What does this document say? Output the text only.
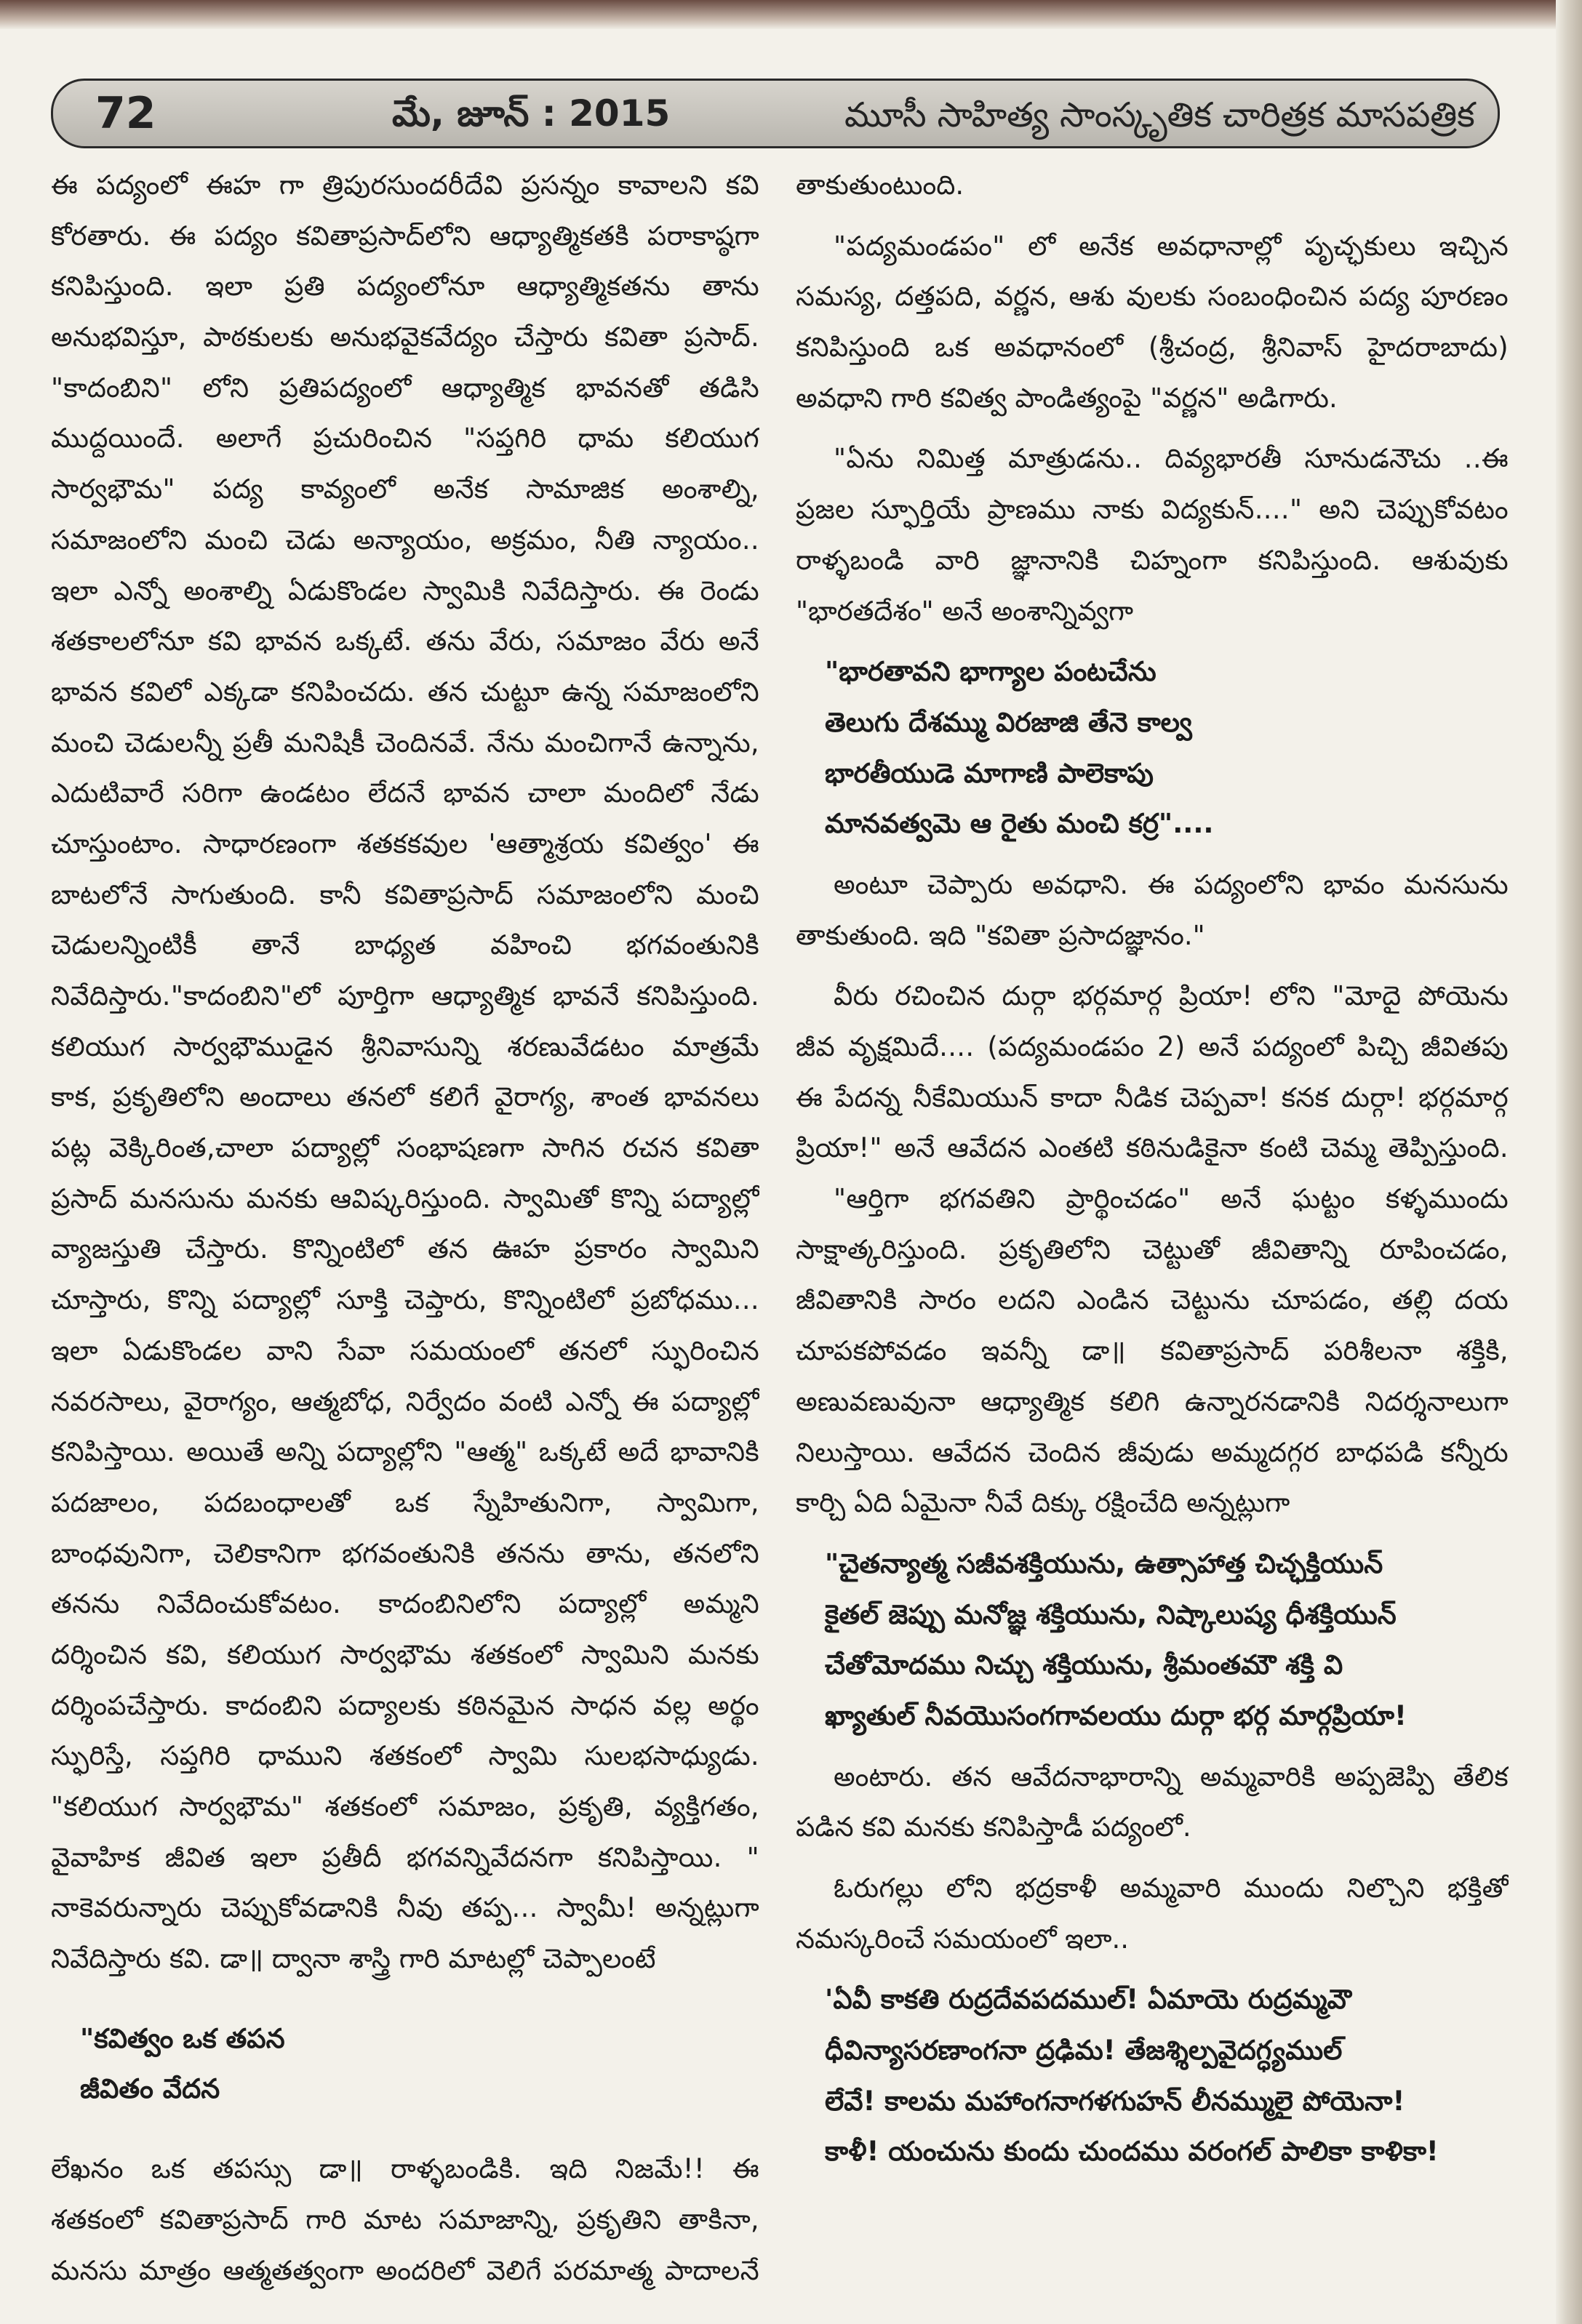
72	మే, జూన్ : 2015	మూసీ సాహిత్య సాంస్కృతిక చారిత్రక మాసపత్రిక
ఈ పద్యంలో ఈహ గా త్రిపురసుందరీదేవి ప్రసన్నం కావాలని కవి
కోరతారు. ఈ పద్యం కవితాప్రసాద్‌లోని ఆధ్యాత్మికతకి పరాకాష్ఠగా
కనిపిస్తుంది. ఇలా ప్రతి పద్యంలోనూ ఆధ్యాత్మికతను తాను
అనుభవిస్తూ, పాఠకులకు అనుభవైకవేద్యం చేస్తారు కవితా ప్రసాద్.
"కాదంబిని" లోని ప్రతిపద్యంలో ఆధ్యాత్మిక భావనతో తడిసి
ముద్దయిందే. అలాగే ప్రచురించిన "సప్తగిరి ధామ కలియుగ
సార్వభౌమ" పద్య కావ్యంలో అనేక సామాజిక అంశాల్ని,
సమాజంలోని మంచి చెడు అన్యాయం, అక్రమం, నీతి న్యాయం..
ఇలా ఎన్నో అంశాల్ని ఏడుకొండల స్వామికి నివేదిస్తారు. ఈ రెండు
శతకాలలోనూ కవి భావన ఒక్కటే. తను వేరు, సమాజం వేరు అనే
భావన కవిలో ఎక్కడా కనిపించదు. తన చుట్టూ ఉన్న సమాజంలోని
మంచి చెడులన్నీ ప్రతీ మనిషికీ చెందినవే. నేను మంచిగానే ఉన్నాను,
ఎదుటివారే సరిగా ఉండటం లేదనే భావన చాలా మందిలో నేడు
చూస్తుంటాం. సాధారణంగా శతకకవుల 'ఆత్మాశ్రయ కవిత్వం' ఈ
బాటలోనే సాగుతుంది. కానీ కవితాప్రసాద్ సమాజంలోని మంచి
చెడులన్నింటికీ తానే బాధ్యత వహించి భగవంతునికి
నివేదిస్తారు."కాదంబిని"లో పూర్తిగా ఆధ్యాత్మిక భావనే కనిపిస్తుంది.
కలియుగ సార్వభౌముడైన శ్రీనివాసున్ని శరణువేడటం మాత్రమే
కాక, ప్రకృతిలోని అందాలు తనలో కలిగే వైరాగ్య, శాంత భావనలు
పట్ల వెక్కిరింత,చాలా పద్యాల్లో సంభాషణగా సాగిన రచన కవితా
ప్రసాద్ మనసును మనకు ఆవిష్కరిస్తుంది. స్వామితో కొన్ని పద్యాల్లో
వ్యాజస్తుతి చేస్తారు. కొన్నింటిలో తన ఊహ ప్రకారం స్వామిని
చూస్తారు, కొన్ని పద్యాల్లో సూక్తి చెప్తారు, కొన్నింటిలో ప్రబోధము...
ఇలా ఏడుకొండల వాని సేవా సమయంలో తనలో స్ఫురించిన
నవరసాలు, వైరాగ్యం, ఆత్మబోధ, నిర్వేదం వంటి ఎన్నో ఈ పద్యాల్లో
కనిపిస్తాయి. అయితే అన్ని పద్యాల్లోని "ఆత్మ" ఒక్కటే అదే భావానికి
పదజాలం, పదబంధాలతో ఒక స్నేహితునిగా, స్వామిగా,
బాంధవునిగా, చెలికానిగా భగవంతునికి తనను తాను, తనలోని
తనను నివేదించుకోవటం. కాదంబినిలోని పద్యాల్లో అమ్మని
దర్శించిన కవి, కలియుగ సార్వభౌమ శతకంలో స్వామిని మనకు
దర్శింపచేస్తారు. కాదంబిని పద్యాలకు కఠినమైన సాధన వల్ల అర్థం
స్ఫురిస్తే, సప్తగిరి ధాముని శతకంలో స్వామి సులభసాధ్యుడు.
"కలియుగ సార్వభౌమ" శతకంలో సమాజం, ప్రకృతి, వ్యక్తిగతం,
వైవాహిక జీవిత ఇలా ప్రతీదీ భగవన్నివేదనగా కనిపిస్తాయి. "
నాకెవరున్నారు చెప్పుకోవడానికి నీవు తప్ప... స్వామీ! అన్నట్లుగా
నివేదిస్తారు కవి. డా॥ ద్వానా శాస్త్రి గారి మాటల్లో చెప్పాలంటే
"కవిత్వం ఒక తపన
జీవితం వేదన
లేఖనం ఒక తపస్సు డా॥ రాళ్ళబండికి. ఇది నిజమే!! ఈ
శతకంలో కవితాప్రసాద్ గారి మాట సమాజాన్ని, ప్రకృతిని తాకినా,
మనసు మాత్రం ఆత్మతత్వంగా అందరిలో వెలిగే పరమాత్మ పాదాలనే
తాకుతుంటుంది.
"పద్యమండపం" లో అనేక అవధానాల్లో పృచ్ఛకులు ఇచ్చిన
సమస్య, దత్తపది, వర్ణన, ఆశు వులకు సంబంధించిన పద్య పూరణం
కనిపిస్తుంది ఒక అవధానంలో (శ్రీచంద్ర, శ్రీనివాస్ హైదరాబాదు)
అవధాని గారి కవిత్వ పాండిత్యంపై "వర్ణన" అడిగారు.
"ఏను నిమిత్త మాత్రుడను.. దివ్యభారతీ సూనుడనౌచు ..ఈ
ప్రజల స్ఫూర్తియే ప్రాణము నాకు విద్యకున్...." అని చెప్పుకోవటం
రాళ్ళబండి వారి జ్ఞానానికి చిహ్నంగా కనిపిస్తుంది. ఆశువుకు
"భారతదేశం" అనే అంశాన్నివ్వగా
"భారతావని భాగ్యాల పంటచేను
తెలుగు దేశమ్ము విరజాజి తేనె కాల్వ
భారతీయుడె మాగాణి పాలెకాపు
మానవత్వమె ఆ రైతు మంచి కర్ర"....
అంటూ చెప్పారు అవధాని. ఈ పద్యంలోని భావం మనసును
తాకుతుంది. ఇది "కవితా ప్రసాదజ్ఞానం."
వీరు రచించిన దుర్గా భర్గమార్గ ప్రియా! లోని "మోదై పోయెను
జీవ వృక్షమిదే.... (పద్యమండపం 2) అనే పద్యంలో పిచ్చి జీవితపు
ఈ పేదన్న నీకేమియున్ కాదా నీడిక చెప్పవా! కనక దుర్గా! భర్గమార్గ
ప్రియా!" అనే ఆవేదన ఎంతటి కఠినుడికైనా కంటి చెమ్మ తెప్పిస్తుంది.
"ఆర్తిగా భగవతిని ప్రార్థించడం" అనే ఘట్టం కళ్ళముందు
సాక్షాత్కరిస్తుంది. ప్రకృతిలోని చెట్టుతో జీవితాన్ని రూపించడం,
జీవితానికి సారం లదని ఎండిన చెట్టును చూపడం, తల్లి దయ
చూపకపోవడం ఇవన్నీ డా॥ కవితాప్రసాద్ పరిశీలనా శక్తికి,
అణువణువునా ఆధ్యాత్మిక కలిగి ఉన్నారనడానికి నిదర్శనాలుగా
నిలుస్తాయి. ఆవేదన చెందిన జీవుడు అమ్మదగ్గర బాధపడి కన్నీరు
కార్చి ఏది ఏమైనా నీవే దిక్కు రక్షించేది అన్నట్లుగా
"చైతన్యాత్మ సజీవశక్తియును, ఉత్సాహాత్త చిచ్ఛక్తియున్
కైతల్ జెప్పు మనోజ్ఞ శక్తియును, నిష్కాలుష్య ధీశక్తియున్
చేతోమోదము నిచ్చు శక్తియును, శ్రీమంతమౌ శక్తి వి
ఖ్యాతుల్ నీవయొసంగగావలయు దుర్గా భర్గ మార్గప్రియా!
అంటారు. తన ఆవేదనాభారాన్ని అమ్మవారికి అప్పజెప్పి తేలిక
పడిన కవి మనకు కనిపిస్తాడీ పద్యంలో.
ఓరుగల్లు లోని భద్రకాళీ అమ్మవారి ముందు నిల్చొని భక్తితో
నమస్కరించే సమయంలో ఇలా..
'ఏవీ కాకతి రుద్రదేవపదముల్! ఏమాయె రుద్రమ్మవౌ
ధీవిన్యాసరణాంగనా ద్రఢిమ! తేజశ్శిల్పవైదగ్ధ్యముల్
లేవే! కాలమ మహాంగనాగళగుహన్ లీనమ్ములై పోయెనా!
కాళీ! యంచును కుందు చుందము వరంగల్ పాలికా కాళికా!
